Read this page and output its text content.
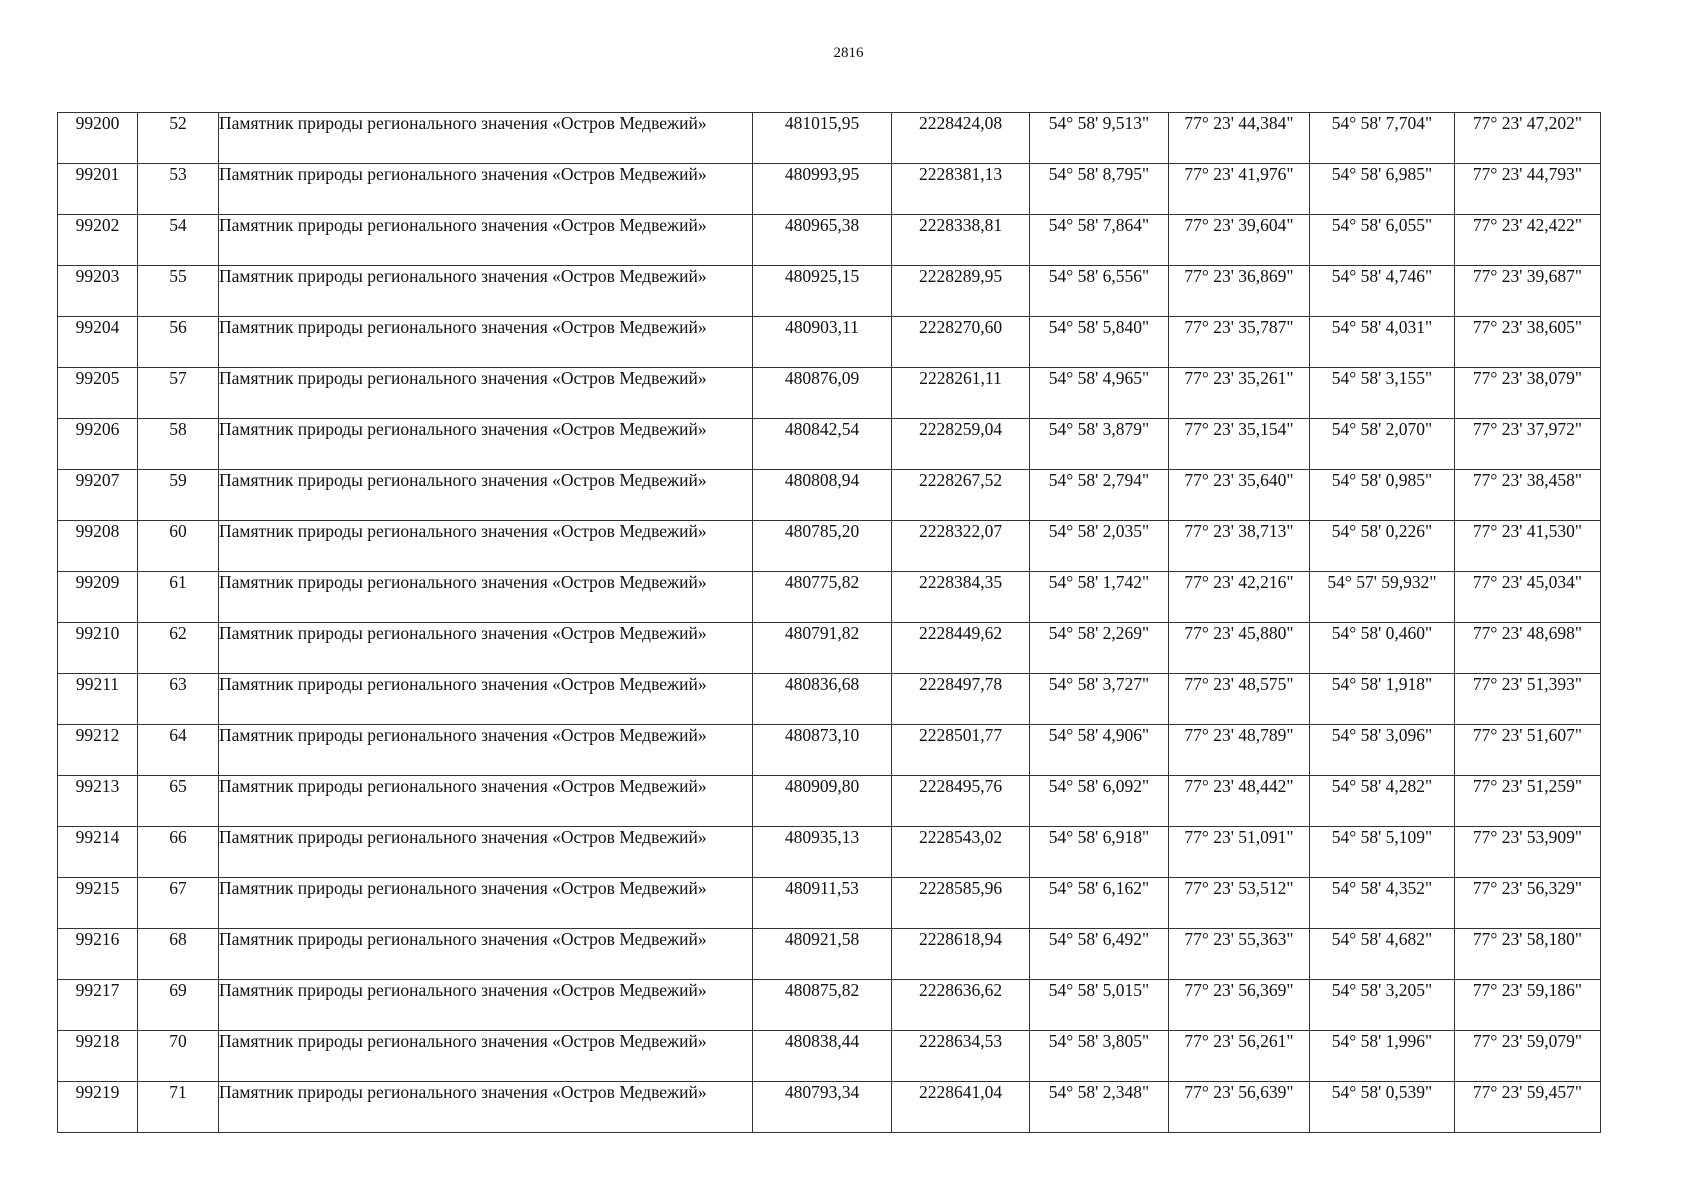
2816
99200	52	Памятник природы регионального значения «Остров Медвежий»	481015,95	2228424,08	54° 58' 9,513"	77° 23' 44,384"	54° 58' 7,704"	77° 23' 47,202"
99201	53	Памятник природы регионального значения «Остров Медвежий»	480993,95	2228381,13	54° 58' 8,795"	77° 23' 41,976"	54° 58' 6,985"	77° 23' 44,793"
99202	54	Памятник природы регионального значения «Остров Медвежий»	480965,38	2228338,81	54° 58' 7,864"	77° 23' 39,604"	54° 58' 6,055"	77° 23' 42,422"
99203	55	Памятник природы регионального значения «Остров Медвежий»	480925,15	2228289,95	54° 58' 6,556"	77° 23' 36,869"	54° 58' 4,746"	77° 23' 39,687"
99204	56	Памятник природы регионального значения «Остров Медвежий»	480903,11	2228270,60	54° 58' 5,840"	77° 23' 35,787"	54° 58' 4,031"	77° 23' 38,605"
99205	57	Памятник природы регионального значения «Остров Медвежий»	480876,09	2228261,11	54° 58' 4,965"	77° 23' 35,261"	54° 58' 3,155"	77° 23' 38,079"
99206	58	Памятник природы регионального значения «Остров Медвежий»	480842,54	2228259,04	54° 58' 3,879"	77° 23' 35,154"	54° 58' 2,070"	77° 23' 37,972"
99207	59	Памятник природы регионального значения «Остров Медвежий»	480808,94	2228267,52	54° 58' 2,794"	77° 23' 35,640"	54° 58' 0,985"	77° 23' 38,458"
99208	60	Памятник природы регионального значения «Остров Медвежий»	480785,20	2228322,07	54° 58' 2,035"	77° 23' 38,713"	54° 58' 0,226"	77° 23' 41,530"
99209	61	Памятник природы регионального значения «Остров Медвежий»	480775,82	2228384,35	54° 58' 1,742"	77° 23' 42,216"	54° 57' 59,932"	77° 23' 45,034"
99210	62	Памятник природы регионального значения «Остров Медвежий»	480791,82	2228449,62	54° 58' 2,269"	77° 23' 45,880"	54° 58' 0,460"	77° 23' 48,698"
99211	63	Памятник природы регионального значения «Остров Медвежий»	480836,68	2228497,78	54° 58' 3,727"	77° 23' 48,575"	54° 58' 1,918"	77° 23' 51,393"
99212	64	Памятник природы регионального значения «Остров Медвежий»	480873,10	2228501,77	54° 58' 4,906"	77° 23' 48,789"	54° 58' 3,096"	77° 23' 51,607"
99213	65	Памятник природы регионального значения «Остров Медвежий»	480909,80	2228495,76	54° 58' 6,092"	77° 23' 48,442"	54° 58' 4,282"	77° 23' 51,259"
99214	66	Памятник природы регионального значения «Остров Медвежий»	480935,13	2228543,02	54° 58' 6,918"	77° 23' 51,091"	54° 58' 5,109"	77° 23' 53,909"
99215	67	Памятник природы регионального значения «Остров Медвежий»	480911,53	2228585,96	54° 58' 6,162"	77° 23' 53,512"	54° 58' 4,352"	77° 23' 56,329"
99216	68	Памятник природы регионального значения «Остров Медвежий»	480921,58	2228618,94	54° 58' 6,492"	77° 23' 55,363"	54° 58' 4,682"	77° 23' 58,180"
99217	69	Памятник природы регионального значения «Остров Медвежий»	480875,82	2228636,62	54° 58' 5,015"	77° 23' 56,369"	54° 58' 3,205"	77° 23' 59,186"
99218	70	Памятник природы регионального значения «Остров Медвежий»	480838,44	2228634,53	54° 58' 3,805"	77° 23' 56,261"	54° 58' 1,996"	77° 23' 59,079"
99219	71	Памятник природы регионального значения «Остров Медвежий»	480793,34	2228641,04	54° 58' 2,348"	77° 23' 56,639"	54° 58' 0,539"	77° 23' 59,457"
